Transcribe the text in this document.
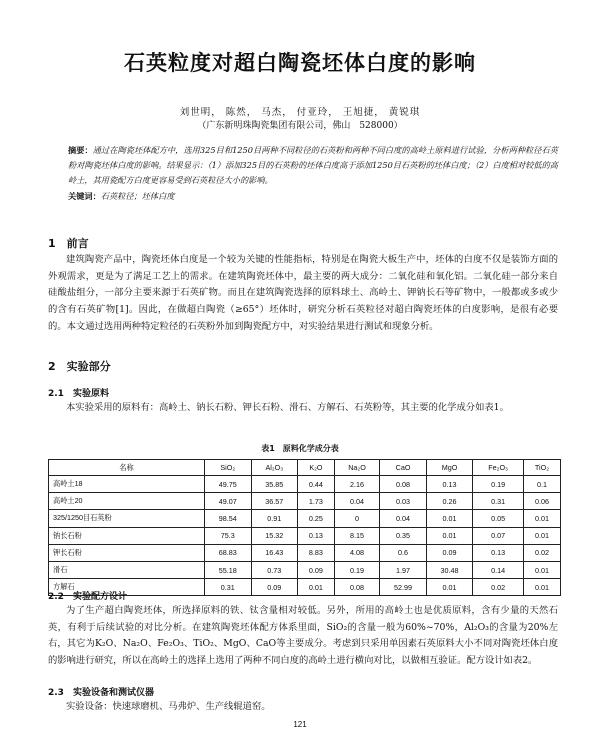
石英粒度对超白陶瓷坯体白度的影响
刘世明， 陈然， 马杰， 付亚玲， 王旭捷， 黄锐琪
（广东新明珠陶瓷集团有限公司，佛山　528000）
摘要：通过在陶瓷坯体配方中，选用325目和1250目两种不同粒径的石英粉和两种不同白度的高岭土原料进行试验，分析两种粒径石英粉对陶瓷坯体白度的影响。结果显示：（1）添加325目的石英粉的坯体白度高于添加1250目石英粉的坯体白度；（2）白度相对较低的高岭土，其用瓷配方白度更容易受到石英粒径大小的影响。
关键词：石英粒径；坯体白度
1　前言

建筑陶瓷产品中，陶瓷坯体白度是一个较为关键的性能指标，特别是在陶瓷大板生产中，坯体的白度不仅是装饰方面的外观需求，更是为了满足工艺上的需求。在建筑陶瓷坯体中，最主要的两大成分：二氧化硅和氧化铝。二氧化硅一部分来自硅酸盐组分，一部分主要来源于石英矿物。而且在建筑陶瓷选择的原料球土、高岭土、钾钠长石等矿物中，一般都或多或少的含有石英矿物[1]。因此，在做超白陶瓷（≥65°）坯体时，研究分析石英粒径对超白陶瓷坯体的白度影响，是很有必要的。本文通过选用两种特定粒径的石英粉外加到陶瓷配方中，对实验结果进行测试和现象分析。

2　实验部分
2.1　实验原料

本实验采用的原料有：高岭土、钠长石粉、钾长石粉、滑石、方解石、石英粉等，其主要的化学成分如表1。

表1　原料化学成分表
名称	SiO₂	Al₂O₃	K₂O	Na₂O	CaO	MgO	Fe₂O₃	TiO₂
高岭土18	49.75	35.85	0.44	2.16	0.08	0.13	0.19	0.1
高岭土20	49.07	36.57	1.73	0.04	0.03	0.26	0.31	0.06
325/1250目石英粉	98.54	0.91	0.25	0	0.04	0.01	0.05	0.01
钠长石粉	75.3	15.32	0.13	8.15	0.35	0.01	0.07	0.01
钾长石粉	68.83	16.43	8.83	4.08	0.6	0.09	0.13	0.02
滑石	55.18	0.73	0.09	0.19	1.97	30.48	0.14	0.01
方解石	0.31	0.09	0.01	0.08	52.99	0.01	0.02	0.01
2.2　实验配方设计

为了生产超白陶瓷坯体，所选择原料的铁、钛含量相对较低。另外，所用的高岭土也是优质原料，含有少量的天然石英，有利于后续试验的对比分析。在建筑陶瓷坯体配方体系里面，SiO₂的含量一般为60%~70%，Al₂O₃的含量为20%左右，其它为K₂O、Na₂O、Fe₂O₃、TiO₂、MgO、CaO等主要成分。考虑到只采用单因素石英原料大小不同对陶瓷坯体白度的影响进行研究，所以在高岭土的选择上选用了两种不同白度的高岭土进行横向对比，以做相互验证。配方设计如表2。

2.3　实验设备和测试仪器

实验设备：快速球磨机、马弗炉、生产线辊道窑。

121
